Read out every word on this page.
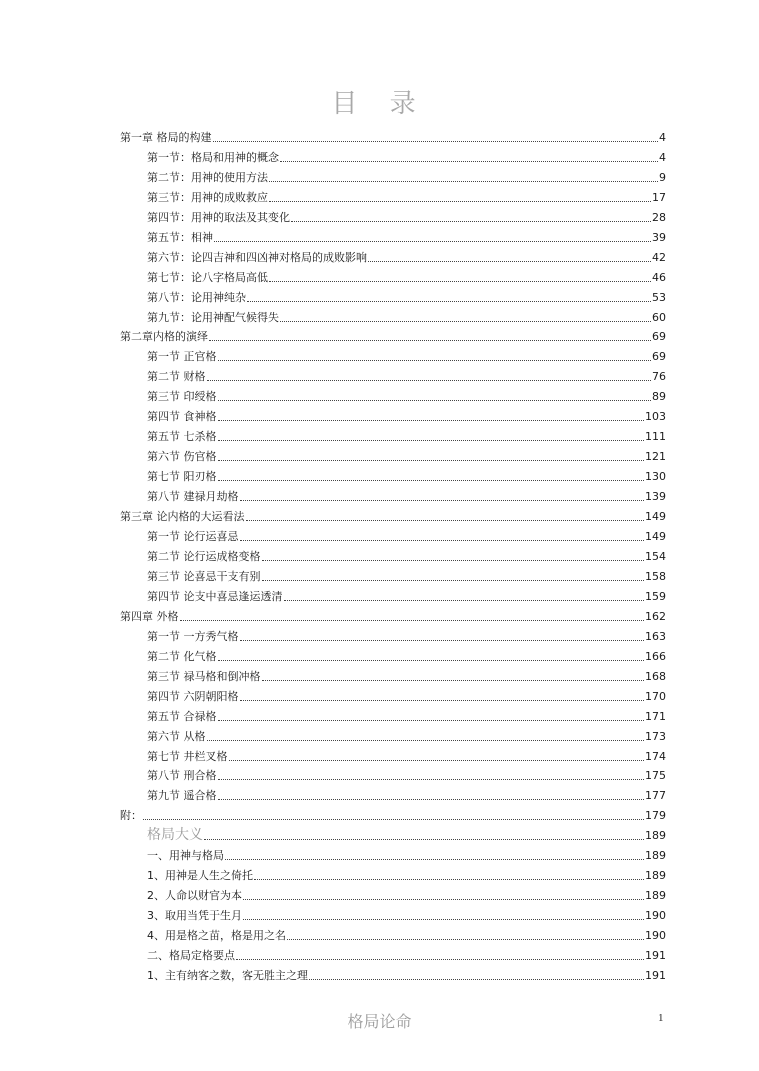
目 录
第一章 格局的构建	4
第一节：格局和用神的概念	4
第二节：用神的使用方法	9
第三节：用神的成败救应	17
第四节：用神的取法及其变化	28
第五节：相神	39
第六节：论四吉神和四凶神对格局的成败影响	42
第七节：论八字格局高低	46
第八节：论用神纯杂	53
第九节：论用神配气候得失	60
第二章内格的演绎	69
第一节 正官格	69
第二节 财格	76
第三节 印绶格	89
第四节 食神格	103
第五节 七杀格	111
第六节 伤官格	121
第七节 阳刃格	130
第八节 建禄月劫格	139
第三章 论内格的大运看法	149
第一节 论行运喜忌	149
第二节 论行运成格变格	154
第三节 论喜忌干支有别	158
第四节 论支中喜忌逢运透清	159
第四章 外格	162
第一节 一方秀气格	163
第二节 化气格	166
第三节 禄马格和倒冲格	168
第四节 六阴朝阳格	170
第五节 合禄格	171
第六节 从格	173
第七节 井栏叉格	174
第八节 刑合格	175
第九节 遥合格	177
附：	179
格局大义	189
一、用神与格局	189
1、用神是人生之倚托	189
2、人命以财官为本	189
3、取用当凭于生月	190
4、用是格之苗，格是用之名	190
二、格局定格要点	191
1、主有纳客之数，客无胜主之理	191
格局论命	1
